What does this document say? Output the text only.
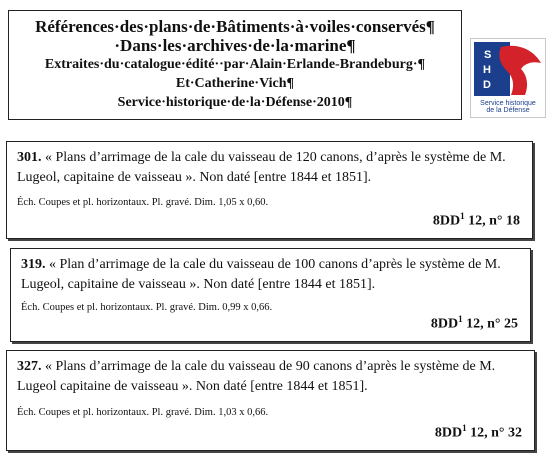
Références·des·plans·de·Bâtiments·à·voiles·conservés¶
·Dans·les·archives·de·la·marine¶
Extraites·du·catalogue·édité··par·Alain·Erlande-Brandeburg·¶
Et·Catherine·Vich¶
Service·historique·de·la·Défense·2010¶
S
H
D
Service historique
de la Défense
301. « Plans d’arrimage de la cale du vaisseau de 120 canons, d’après le système de M. Lugeol, capitaine de vaisseau ». Non daté [entre 1844 et 1851].
Éch. Coupes et pl. horizontaux. Pl. gravé. Dim. 1,05 x 0,60.
$8DD^1$ 12, n° 18
319. « Plan d’arrimage de la cale du vaisseau de 100 canons d’après le système de M. Lugeol, capitaine de vaisseau ». Non daté [entre 1844 et 1851].
Éch. Coupes et pl. horizontaux. Pl. gravé. Dim. 0,99 x 0,66.
$8DD^1$ 12, n° 25
327. « Plans d’arrimage de la cale du vaisseau de 90 canons d’après le système de M. Lugeol capitaine de vaisseau ». Non daté [entre 1844 et 1851].
Éch. Coupes et pl. horizontaux. Pl. gravé. Dim. 1,03 x 0,66.
$8DD^1$ 12, n° 32
